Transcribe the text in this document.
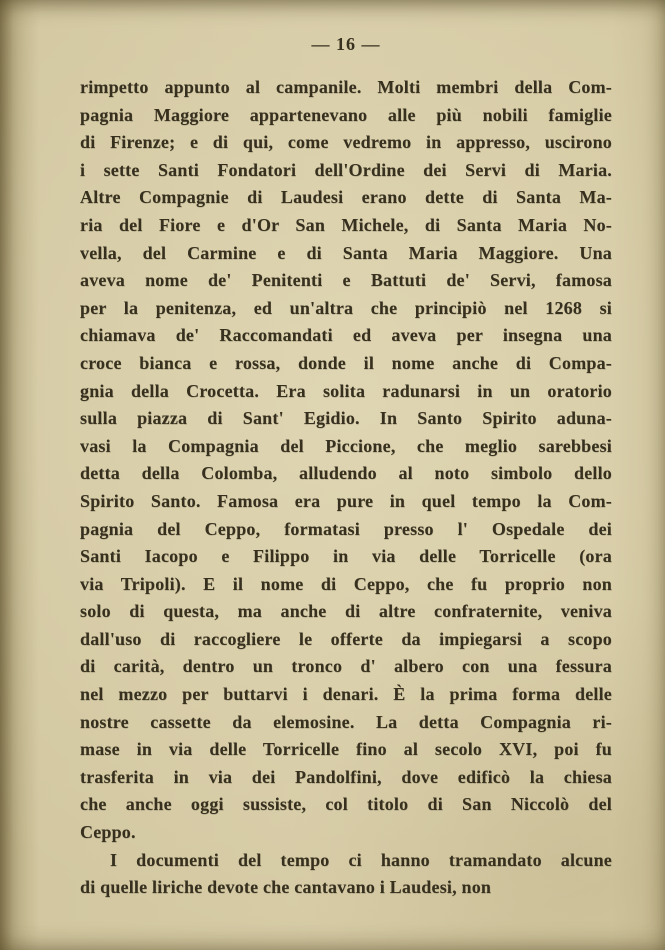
— 16 —
rimpetto appunto al campanile. Molti membri della Com-
pagnia Maggiore appartenevano alle più nobili famiglie
di Firenze; e di qui, come vedremo in appresso, uscirono
i sette Santi Fondatori dell'Ordine dei Servi di Maria.
Altre Compagnie di Laudesi erano dette di Santa Ma-
ria del Fiore e d'Or San Michele, di Santa Maria No-
vella, del Carmine e di Santa Maria Maggiore. Una
aveva nome de' Penitenti e Battuti de' Servi, famosa
per la penitenza, ed un'altra che principiò nel 1268 si
chiamava de' Raccomandati ed aveva per insegna una
croce bianca e rossa, donde il nome anche di Compa-
gnia della Crocetta. Era solita radunarsi in un oratorio
sulla piazza di Sant' Egidio. In Santo Spirito aduna-
vasi la Compagnia del Piccione, che meglio sarebbesi
detta della Colomba, alludendo al noto simbolo dello
Spirito Santo. Famosa era pure in quel tempo la Com-
pagnia del Ceppo, formatasi presso l' Ospedale dei
Santi Iacopo e Filippo in via delle Torricelle (ora
via Tripoli). E il nome di Ceppo, che fu proprio non
solo di questa, ma anche di altre confraternite, veniva
dall'uso di raccogliere le offerte da impiegarsi a scopo
di carità, dentro un tronco d' albero con una fessura
nel mezzo per buttarvi i denari. È la prima forma delle
nostre cassette da elemosine. La detta Compagnia ri-
mase in via delle Torricelle fino al secolo XVI, poi fu
trasferita in via dei Pandolfini, dove edificò la chiesa
che anche oggi sussiste, col titolo di San Niccolò del
Ceppo.
I documenti del tempo ci hanno tramandato alcune
di quelle liriche devote che cantavano i Laudesi, non
